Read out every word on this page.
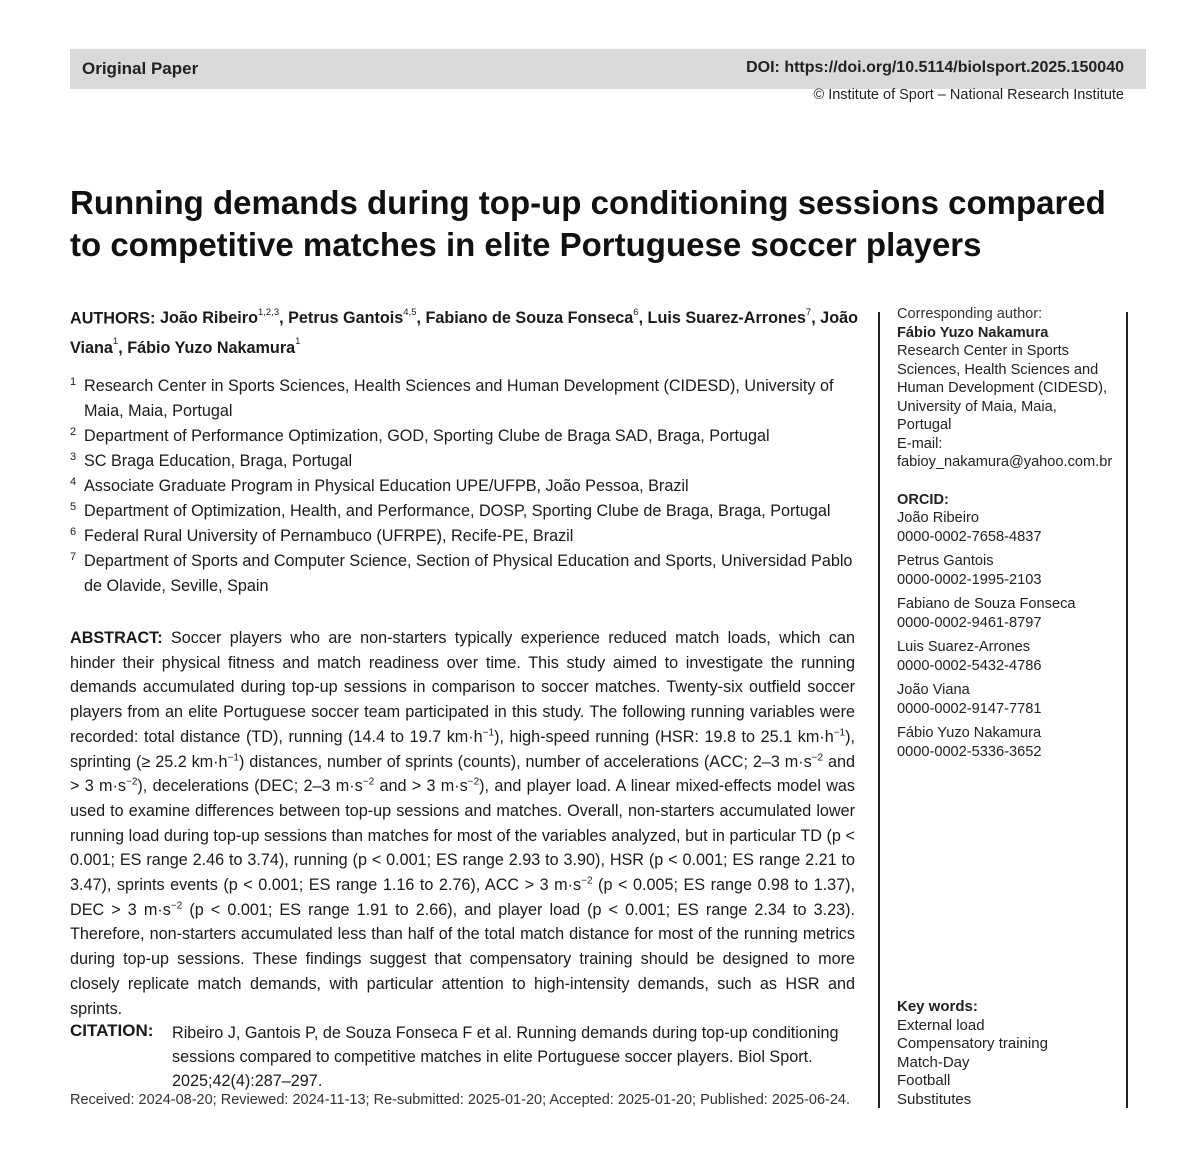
Original Paper	DOI: https://doi.org/10.5114/biolsport.2025.150040
© Institute of Sport – National Research Institute
Running demands during top-up conditioning sessions compared to competitive matches in elite Portuguese soccer players
AUTHORS: João Ribeiro$^{1,2,3}$, Petrus Gantois$^{4,5}$, Fabiano de Souza Fonseca$^6$, Luis Suarez-Arrones$^7$, João Viana$^1$, Fábio Yuzo Nakamura$^1$
1 Research Center in Sports Sciences, Health Sciences and Human Development (CIDESD), University of Maia, Maia, Portugal
2 Department of Performance Optimization, GOD, Sporting Clube de Braga SAD, Braga, Portugal
3 SC Braga Education, Braga, Portugal
4 Associate Graduate Program in Physical Education UPE/UFPB, João Pessoa, Brazil
5 Department of Optimization, Health, and Performance, DOSP, Sporting Clube de Braga, Braga, Portugal
6 Federal Rural University of Pernambuco (UFRPE), Recife-PE, Brazil
7 Department of Sports and Computer Science, Section of Physical Education and Sports, Universidad Pablo de Olavide, Seville, Spain

ABSTRACT: Soccer players who are non-starters typically experience reduced match loads, which can hinder their physical fitness and match readiness over time. This study aimed to investigate the running demands accumulated during top-up sessions in comparison to soccer matches. Twenty-six outfield soccer players from an elite Portuguese soccer team participated in this study. The following running variables were recorded: total distance (TD), running (14.4 to 19.7 $km\cdot h^{-1}$), high-speed running (HSR: 19.8 to 25.1 $km\cdot h^{-1}$), sprinting (≥ 25.2 $km\cdot h^{-1}$) distances, number of sprints (counts), number of accelerations (ACC; 2–3 $m\cdot s^{-2}$ and > 3 $m\cdot s^{-2}$), decelerations (DEC; 2–3 $m\cdot s^{-2}$ and > 3 $m\cdot s^{-2}$), and player load. A linear mixed-effects model was used to examine differences between top-up sessions and matches. Overall, non-starters accumulated lower running load during top-up sessions than matches for most of the variables analyzed, but in particular TD (p < 0.001; ES range 2.46 to 3.74), running (p < 0.001; ES range 2.93 to 3.90), HSR (p < 0.001; ES range 2.21 to 3.47), sprints events (p < 0.001; ES range 1.16 to 2.76), ACC > 3 $m\cdot s^{-2}$ (p < 0.005; ES range 0.98 to 1.37), DEC > 3 $m\cdot s^{-2}$ (p < 0.001; ES range 1.91 to 2.66), and player load (p < 0.001; ES range 2.34 to 3.23). Therefore, non-starters accumulated less than half of the total match distance for most of the running metrics during top-up sessions. These findings suggest that compensatory training should be designed to more closely replicate match demands, with particular attention to high-intensity demands, such as HSR and sprints.

CITATION: Ribeiro J, Gantois P, de Souza Fonseca F et al. Running demands during top-up conditioning sessions compared to competitive matches in elite Portuguese soccer players. Biol Sport. 2025;42(4):287–297.

Received: 2024-08-20; Reviewed: 2024-11-13; Re-submitted: 2025-01-20; Accepted: 2025-01-20; Published: 2025-06-24.
Corresponding author:
Fábio Yuzo Nakamura
Research Center in Sports
Sciences, Health Sciences and
Human Development (CIDESD),
University of Maia, Maia,
Portugal
E-mail:
fabioy_nakamura@yahoo.com.br
ORCID:
João Ribeiro
0000-0002-7658-4837
Petrus Gantois
0000-0002-1995-2103
Fabiano de Souza Fonseca
0000-0002-9461-8797
Luis Suarez-Arrones
0000-0002-5432-4786
João Viana
0000-0002-9147-7781
Fábio Yuzo Nakamura
0000-0002-5336-3652
Key words:
External load
Compensatory training
Match-Day
Football
Substitutes
